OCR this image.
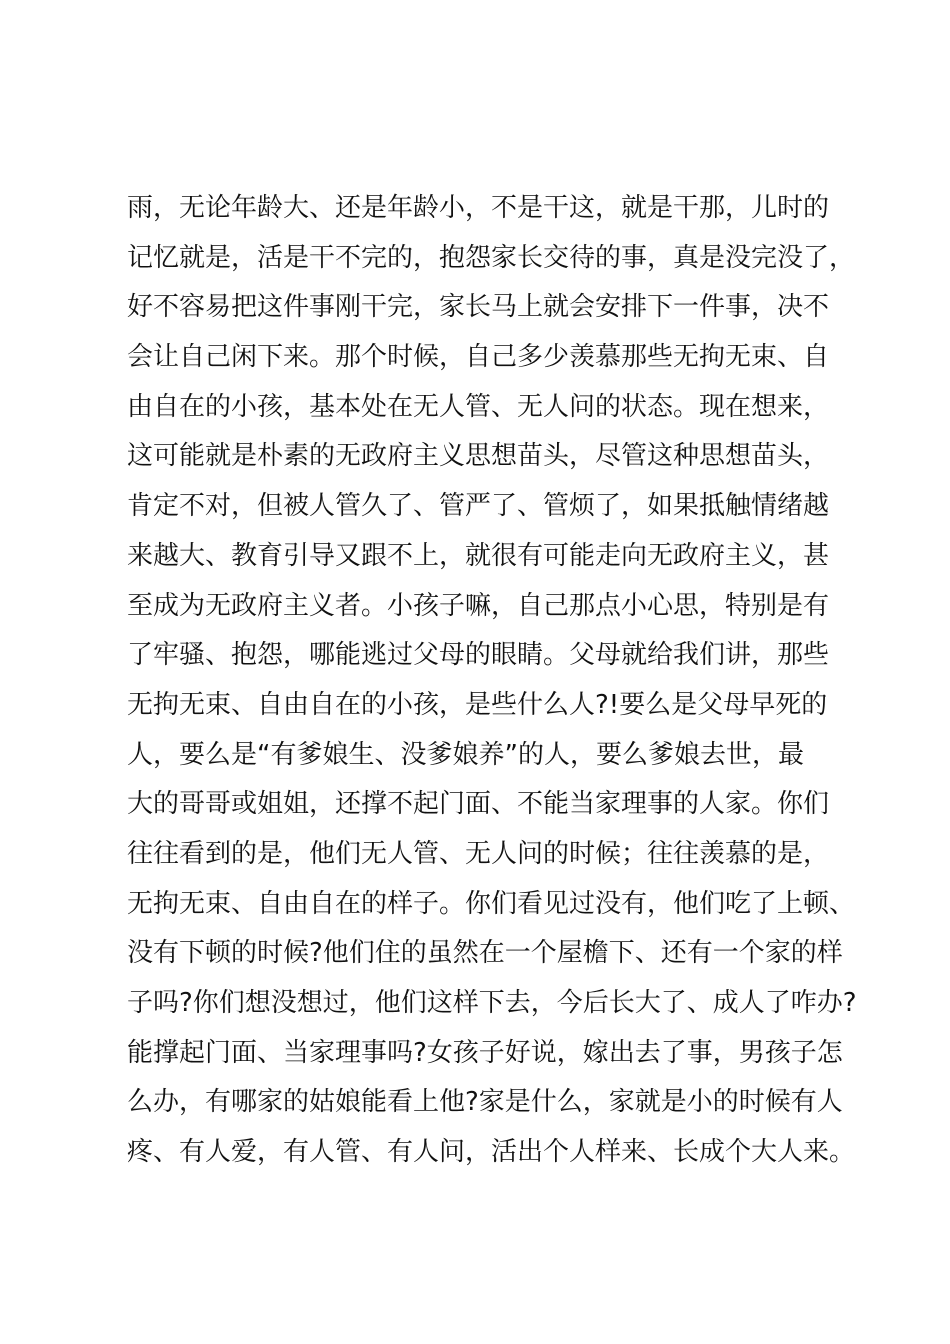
雨，无论年龄大、还是年龄小，不是干这，就是干那，儿时的
记忆就是，活是干不完的，抱怨家长交待的事，真是没完没了，
好不容易把这件事刚干完，家长马上就会安排下一件事，决不
会让自己闲下来。那个时候，自己多少羡慕那些无拘无束、自
由自在的小孩，基本处在无人管、无人问的状态。现在想来，
这可能就是朴素的无政府主义思想苗头，尽管这种思想苗头，
肯定不对，但被人管久了、管严了、管烦了，如果抵触情绪越
来越大、教育引导又跟不上，就很有可能走向无政府主义，甚
至成为无政府主义者。小孩子嘛，自己那点小心思，特别是有
了牢骚、抱怨，哪能逃过父母的眼睛。父母就给我们讲，那些
无拘无束、自由自在的小孩，是些什么人?!要么是父母早死的
人，要么是“有爹娘生、没爹娘养”的人，要么爹娘去世，最
大的哥哥或姐姐，还撑不起门面、不能当家理事的人家。你们
往往看到的是，他们无人管、无人问的时候；往往羡慕的是，
无拘无束、自由自在的样子。你们看见过没有，他们吃了上顿、
没有下顿的时候?他们住的虽然在一个屋檐下、还有一个家的样
子吗?你们想没想过，他们这样下去，今后长大了、成人了咋办?
能撑起门面、当家理事吗?女孩子好说，嫁出去了事，男孩子怎
么办，有哪家的姑娘能看上他?家是什么，家就是小的时候有人
疼、有人爱，有人管、有人问，活出个人样来、长成个大人来。
